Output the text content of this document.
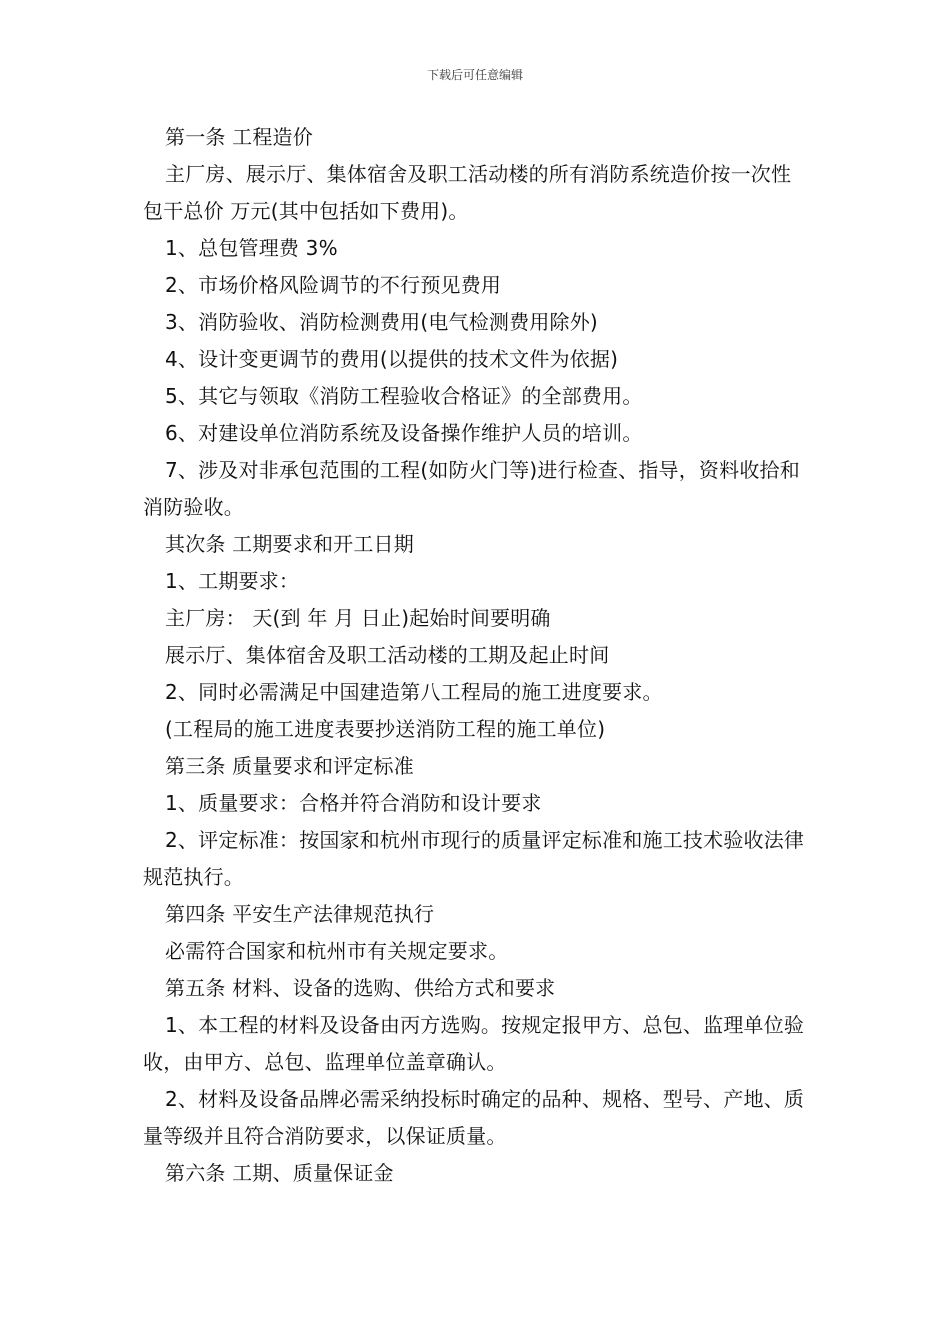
下载后可任意编辑

第一条 工程造价

主厂房、展示厅、集体宿舍及职工活动楼的所有消防系统造价按一次性包干总价 万元(其中包括如下费用)。

1、总包管理费 3%

2、市场价格风险调节的不行预见费用

3、消防验收、消防检测费用(电气检测费用除外)

4、设计变更调节的费用(以提供的技术文件为依据)

5、其它与领取《消防工程验收合格证》的全部费用。

6、对建设单位消防系统及设备操作维护人员的培训。

7、涉及对非承包范围的工程(如防火门等)进行检查、指导，资料收拾和消防验收。

其次条 工期要求和开工日期

1、工期要求：

主厂房： 天(到 年 月 日止)起始时间要明确

展示厅、集体宿舍及职工活动楼的工期及起止时间

2、同时必需满足中国建造第八工程局的施工进度要求。

(工程局的施工进度表要抄送消防工程的施工单位)

第三条 质量要求和评定标准

1、质量要求：合格并符合消防和设计要求

2、评定标准：按国家和杭州市现行的质量评定标准和施工技术验收法律规范执行。

第四条 平安生产法律规范执行

必需符合国家和杭州市有关规定要求。

第五条 材料、设备的选购、供给方式和要求

1、本工程的材料及设备由丙方选购。按规定报甲方、总包、监理单位验收，由甲方、总包、监理单位盖章确认。

2、材料及设备品牌必需采纳投标时确定的品种、规格、型号、产地、质量等级并且符合消防要求，以保证质量。

第六条 工期、质量保证金
